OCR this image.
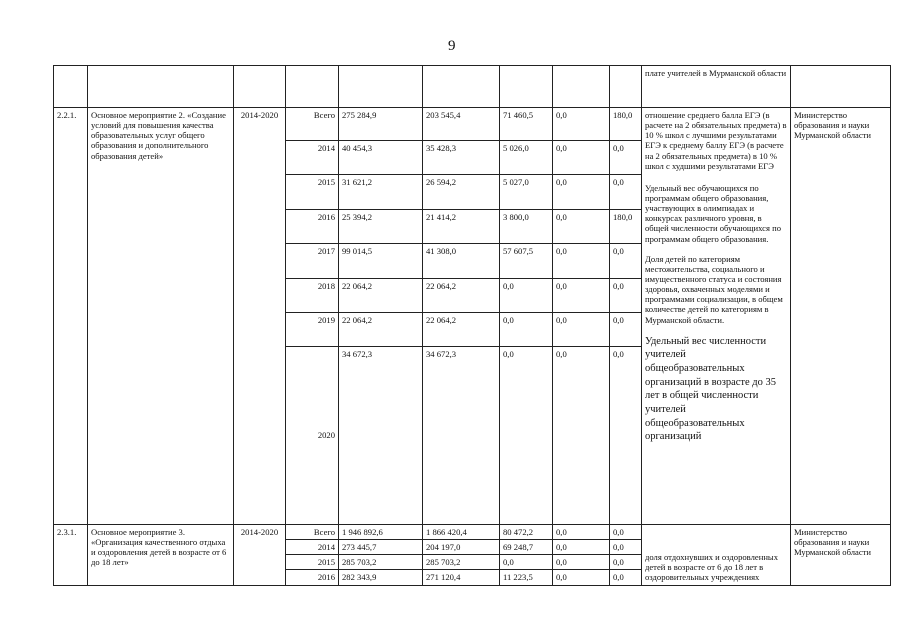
9
									плате учителей в Мурманской области	
2.2.1.	Основное мероприятие 2. «Создание условий для повышения качества образовательных услуг общего образования и дополнительного образования детей»	2014-2020	Всего	275 284,9	203 545,4	71 460,5	0,0	180,0	отношение среднего балла ЕГЭ (в расчете на 2 обязательных предмета) в 10 % школ с лучшими результатами ЕГЭ к среднему баллу ЕГЭ (в расчете на 2 обязательных предмета) в 10 % школ с худшими результатами ЕГЭ
Удельный вес обучающихся по программам общего образования, участвующих в олимпиадах и конкурсах различного уровня, в общей численности обучающихся по программам общего образования.
Доля детей по категориям местожительства, социального и имущественного статуса и состояния здоровья, охваченных моделями и программами социализации, в общем количестве детей по категориям в Мурманской области.
Удельный вес численности учителей общеобразовательных организаций в возрасте до 35 лет в общей численности учителей общеобразовательных организаций	Министерство образования и науки Мурманской области
			2014	40 454,3	35 428,3	5 026,0	0,0	0,0		
			2015	31 621,2	26 594,2	5 027,0	0,0	0,0		
			2016	25 394,2	21 414,2	3 800,0	0,0	180,0		
			2017	99 014,5	41 308,0	57 607,5	0,0	0,0		
			2018	22 064,2	22 064,2	0,0	0,0	0,0		
			2019	22 064,2	22 064,2	0,0	0,0	0,0		
			2020	34 672,3	34 672,3	0,0	0,0	0,0		
2.3.1.	Основное мероприятие 3. «Организация качественного отдыха и оздоровления детей в возрасте от 6 до 18 лет»	2014-2020	Всего	1 946 892,6	1 866 420,4	80 472,2	0,0	0,0	доля отдохнувших и оздоровленных детей в возрасте от 6 до 18 лет в оздоровительных учреждениях	Министерство образования и науки Мурманской области
			2014	273 445,7	204 197,0	69 248,7	0,0	0,0		
			2015	285 703,2	285 703,2	0,0	0,0	0,0		
			2016	282 343,9	271 120,4	11 223,5	0,0	0,0		
